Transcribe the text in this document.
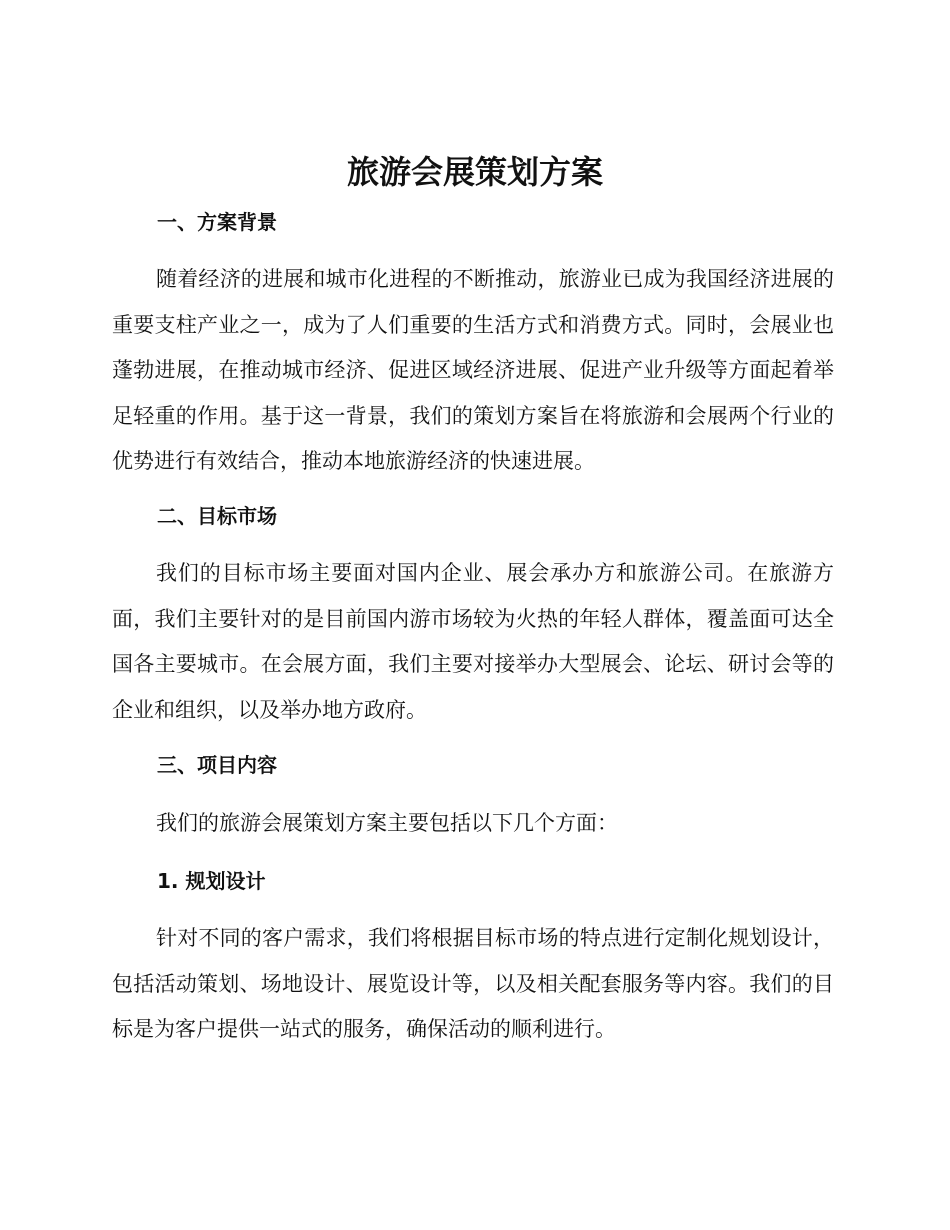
旅游会展策划方案
一、方案背景

随着经济的进展和城市化进程的不断推动，旅游业已成为我国经济进展的重要支柱产业之一，成为了人们重要的生活方式和消费方式。同时，会展业也蓬勃进展，在推动城市经济、促进区域经济进展、促进产业升级等方面起着举足轻重的作用。基于这一背景，我们的策划方案旨在将旅游和会展两个行业的优势进行有效结合，推动本地旅游经济的快速进展。

二、目标市场

我们的目标市场主要面对国内企业、展会承办方和旅游公司。在旅游方面，我们主要针对的是目前国内游市场较为火热的年轻人群体，覆盖面可达全国各主要城市。在会展方面，我们主要对接举办大型展会、论坛、研讨会等的企业和组织，以及举办地方政府。

三、项目内容
我们的旅游会展策划方案主要包括以下几个方面：
1. 规划设计

针对不同的客户需求，我们将根据目标市场的特点进行定制化规划设计，包括活动策划、场地设计、展览设计等，以及相关配套服务等内容。我们的目标是为客户提供一站式的服务，确保活动的顺利进行。
